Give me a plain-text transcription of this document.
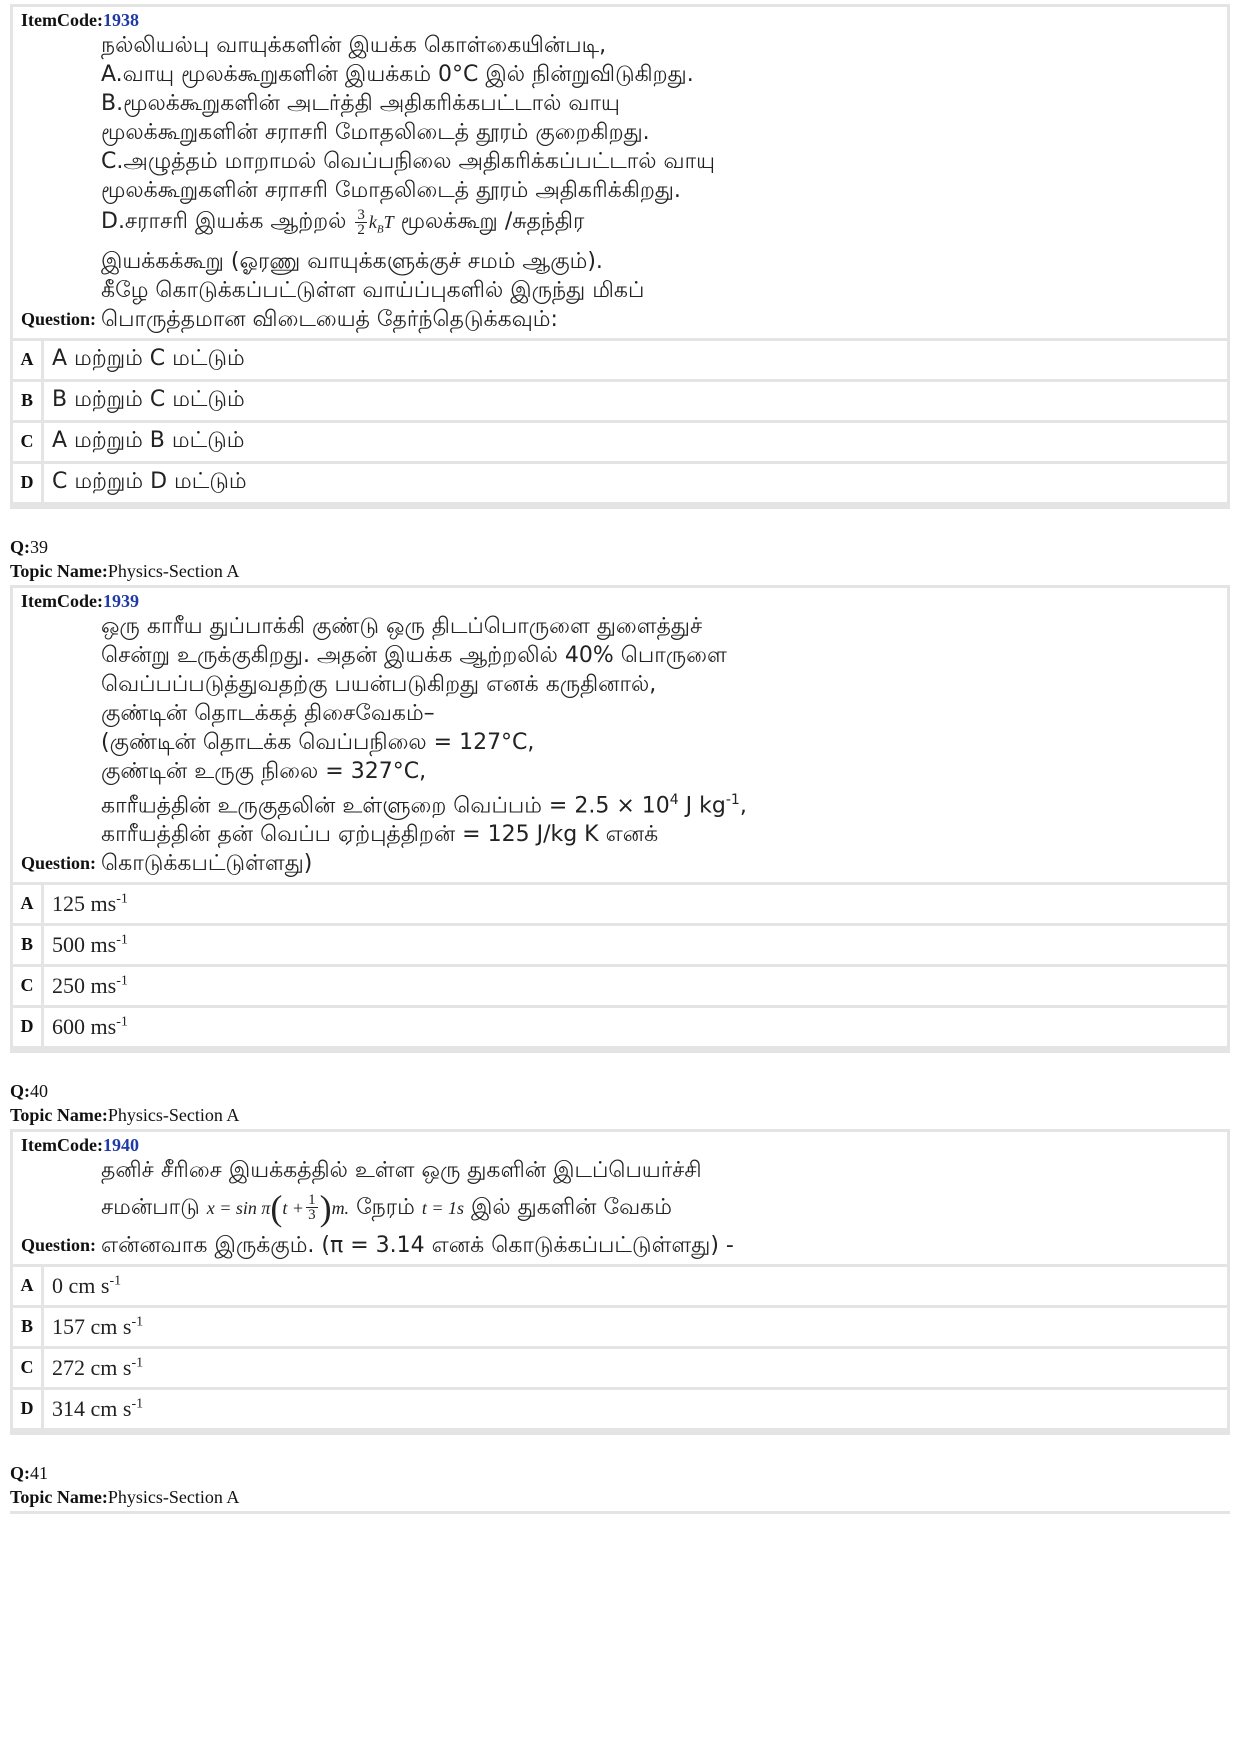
ItemCode:1938
Question:
நல்லியல்பு வாயுக்களின் இயக்க கொள்கையின்படி,
A.வாயு மூலக்கூறுகளின் இயக்கம் 0°C இல் நின்றுவிடுகிறது.
B.மூலக்கூறுகளின் அடர்த்தி அதிகரிக்கபட்டால் வாயு
மூலக்கூறுகளின் சராசரி மோதலிடைத் தூரம் குறைகிறது.
C.அழுத்தம் மாறாமல் வெப்பநிலை அதிகரிக்கப்பட்டால் வாயு
மூலக்கூறுகளின் சராசரி மோதலிடைத் தூரம் அதிகரிக்கிறது.
D.சராசரி இயக்க ஆற்றல் $\frac{3}{2} k_BT$ மூலக்கூறு /சுதந்திர
இயக்கக்கூறு (ஓரணு வாயுக்களுக்குச் சமம் ஆகும்).
கீழே கொடுக்கப்பட்டுள்ள வாய்ப்புகளில் இருந்து மிகப்
பொருத்தமான விடையைத் தேர்ந்தெடுக்கவும்:
A A மற்றும் C மட்டும்
B B மற்றும் C மட்டும்
C A மற்றும் B மட்டும்
D C மற்றும் D மட்டும்
Q:39
Topic Name:Physics-Section A
ItemCode:1939
Question:
ஒரு காரீய துப்பாக்கி குண்டு ஒரு திடப்பொருளை துளைத்துச்
சென்று உருக்குகிறது. அதன் இயக்க ஆற்றலில் 40% பொருளை
வெப்பப்படுத்துவதற்கு பயன்படுகிறது எனக் கருதினால்,
குண்டின் தொடக்கத் திசைவேகம்–
(குண்டின் தொடக்க வெப்பநிலை = 127°C,
குண்டின் உருகு நிலை = 327°C,
காரீயத்தின் உருகுதலின் உள்ளுறை வெப்பம் = $2.5 \times 10^4$ J $kg^{-1}$,
காரீயத்தின் தன் வெப்ப ஏற்புத்திறன் = 125 J/kg K எனக்
கொடுக்கபட்டுள்ளது)
A 125 $ms^{-1}$
B 500 $ms^{-1}$
C 250 $ms^{-1}$
D 600 $ms^{-1}$
Q:40
Topic Name:Physics-Section A
ItemCode:1940
Question:
தனிச் சீரிசை இயக்கத்தில் உள்ள ஒரு துகளின் இடப்பெயர்ச்சி
சமன்பாடு $x = \sin \pi(t + \frac{1}{3} )m$. நேரம் t = 1s இல் துகளின் வேகம்
என்னவாக இருக்கும். (π = 3.14 எனக் கொடுக்கப்பட்டுள்ளது) -
A 0 cm $s^{-1}$
B 157 cm $s^{-1}$
C 272 cm $s^{-1}$
D 314 cm $s^{-1}$
Q:41
Topic Name:Physics-Section A
